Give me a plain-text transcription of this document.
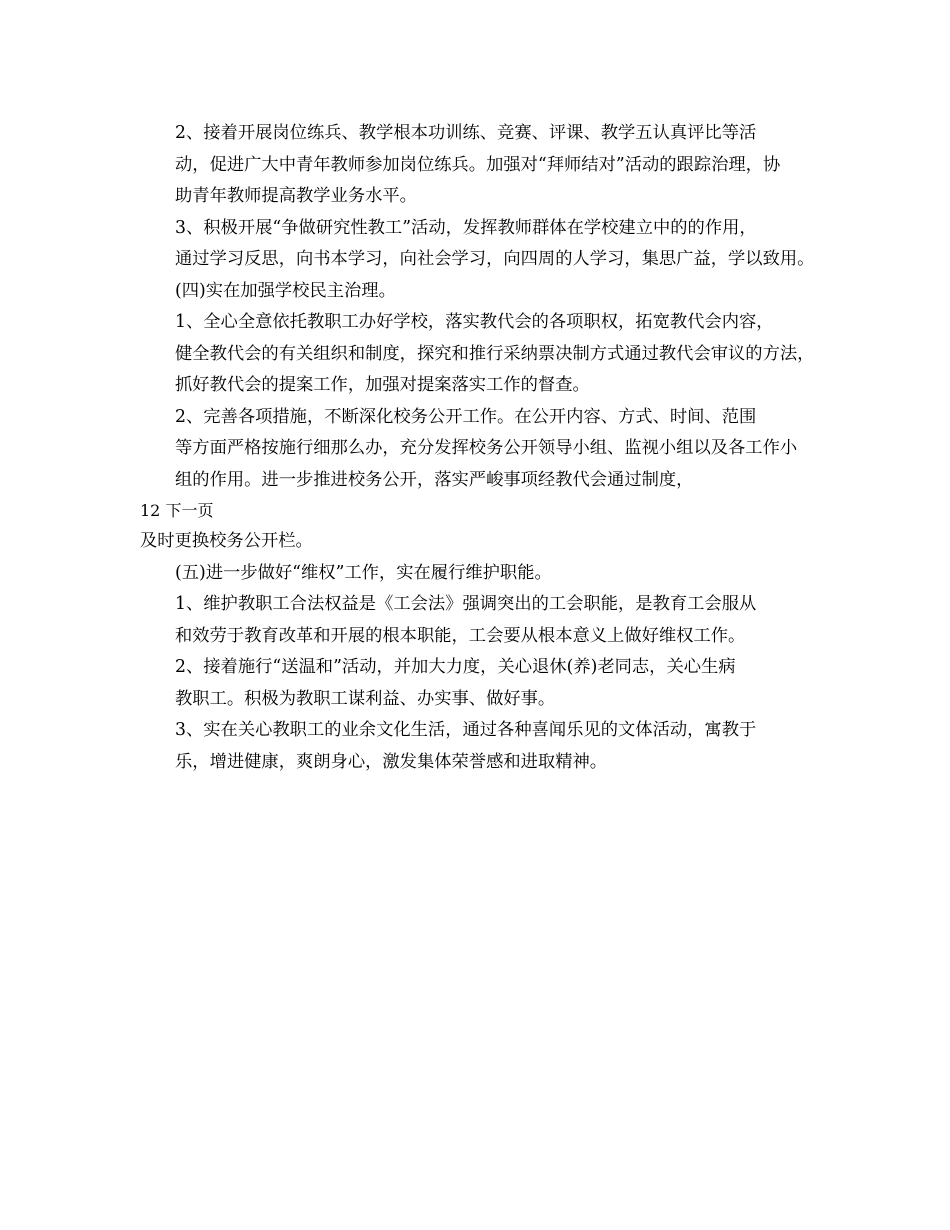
2、接着开展岗位练兵、教学根本功训练、竞赛、评课、教学五认真评比等活
动，促进广大中青年教师参加岗位练兵。加强对“拜师结对”活动的跟踪治理，协
助青年教师提高教学业务水平。

3、积极开展“争做研究性教工”活动，发挥教师群体在学校建立中的的作用，
通过学习反思，向书本学习，向社会学习，向四周的人学习，集思广益，学以致用。

(四)实在加强学校民主治理。

1、全心全意依托教职工办好学校，落实教代会的各项职权，拓宽教代会内容，
健全教代会的有关组织和制度，探究和推行采纳票决制方式通过教代会审议的方法，
抓好教代会的提案工作，加强对提案落实工作的督查。

2、完善各项措施，不断深化校务公开工作。在公开内容、方式、时间、范围
等方面严格按施行细那么办，充分发挥校务公开领导小组、监视小组以及各工作小
组的作用。进一步推进校务公开，落实严峻事项经教代会通过制度，

12 下一页

及时更换校务公开栏。

(五)进一步做好“维权”工作，实在履行维护职能。

1、维护教职工合法权益是《工会法》强调突出的工会职能，是教育工会服从
和效劳于教育改革和开展的根本职能，工会要从根本意义上做好维权工作。

2、接着施行“送温和”活动，并加大力度，关心退休(养)老同志，关心生病
教职工。积极为教职工谋利益、办实事、做好事。

3、实在关心教职工的业余文化生活，通过各种喜闻乐见的文体活动，寓教于
乐，增进健康，爽朗身心，激发集体荣誉感和进取精神。
